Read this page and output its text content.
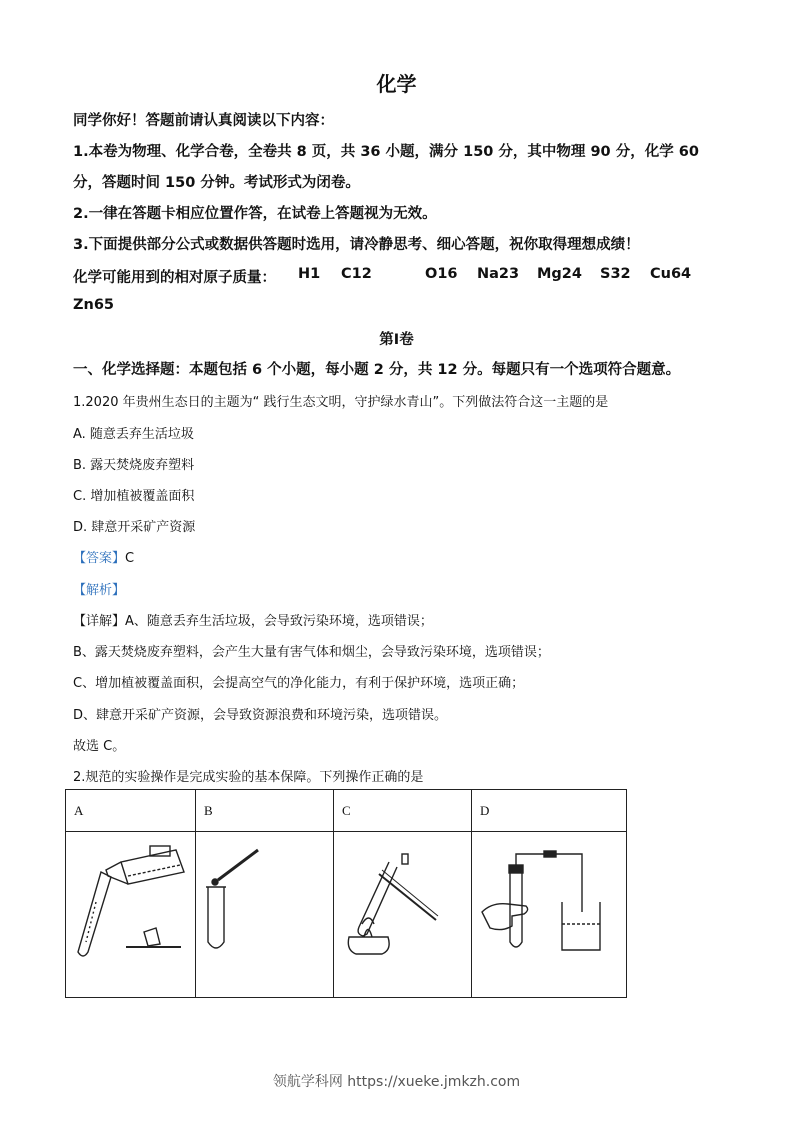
化学
同学你好！答题前请认真阅读以下内容：
1.本卷为物理、化学合卷，全卷共 8 页，共 36 小题，满分 150 分，其中物理 90 分，化学 60
分，答题时间 150 分钟。考试形式为闭卷。
2.一律在答题卡相应位置作答，在试卷上答题视为无效。
3.下面提供部分公式或数据供答题时选用，请冷静思考、细心答题，祝你取得理想成绩！
化学可能用到的相对原子质量： H1 C12	O16 Na23 Mg24 S32 Cu64
Zn65
第Ⅰ卷
一、化学选择题：本题包括 6 个小题，每小题 2 分，共 12 分。每题只有一个选项符合题意。
1.2020 年贵州生态日的主题为“ 践行生态文明，守护绿水青山”。下列做法符合这一主题的是
A. 随意丢弃生活垃圾
B. 露天焚烧废弃塑料
C. 增加植被覆盖面积
D. 肆意开采矿产资源
【答案】C
【解析】
【详解】A、随意丢弃生活垃圾，会导致污染环境，选项错误；
B、露天焚烧废弃塑料，会产生大量有害气体和烟尘，会导致污染环境，选项错误；
C、增加植被覆盖面积，会提高空气的净化能力，有利于保护环境，选项正确；
D、肆意开采矿产资源，会导致资源浪费和环境污染，选项错误。
故选 C。
2.规范的实验操作是完成实验的基本保障。下列操作正确的是
A	B	C	D

领航学科网 https://xueke.jmkzh.com
